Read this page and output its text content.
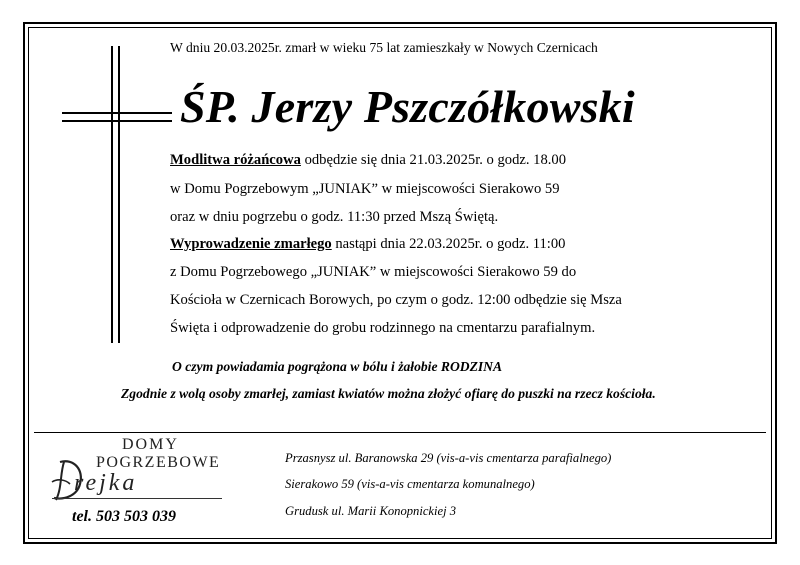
W dniu 20.03.2025r. zmarł w wieku 75 lat zamieszkały w Nowych Czernicach
ŚP. Jerzy Pszczółkowski
Modlitwa różańcowa odbędzie się dnia 21.03.2025r. o godz. 18.00
w Domu Pogrzebowym „JUNIAK” w miejscowości Sierakowo 59
oraz w dniu pogrzebu o godz. 11:30 przed Mszą Świętą.
Wyprowadzenie zmarłego nastąpi dnia 22.03.2025r. o godz. 11:00
z Domu Pogrzebowego „JUNIAK” w miejscowości Sierakowo 59 do
Kościoła w Czernicach Borowych, po czym o godz. 12:00 odbędzie się Msza
Święta i odprowadzenie do grobu rodzinnego na cmentarzu parafialnym.
O czym powiadamia pogrążona w bólu i żałobie RODZINA
Zgodnie z wolą osoby zmarłej, zamiast kwiatów można złożyć ofiarę do puszki na rzecz kościoła.
DOMY
POGRZEBOWE
rejka
tel. 503 503 039
Przasnysz ul. Baranowska 29 (vis-a-vis cmentarza parafialnego)
Sierakowo 59 (vis-a-vis cmentarza komunalnego)
Grudusk ul. Marii Konopnickiej 3
